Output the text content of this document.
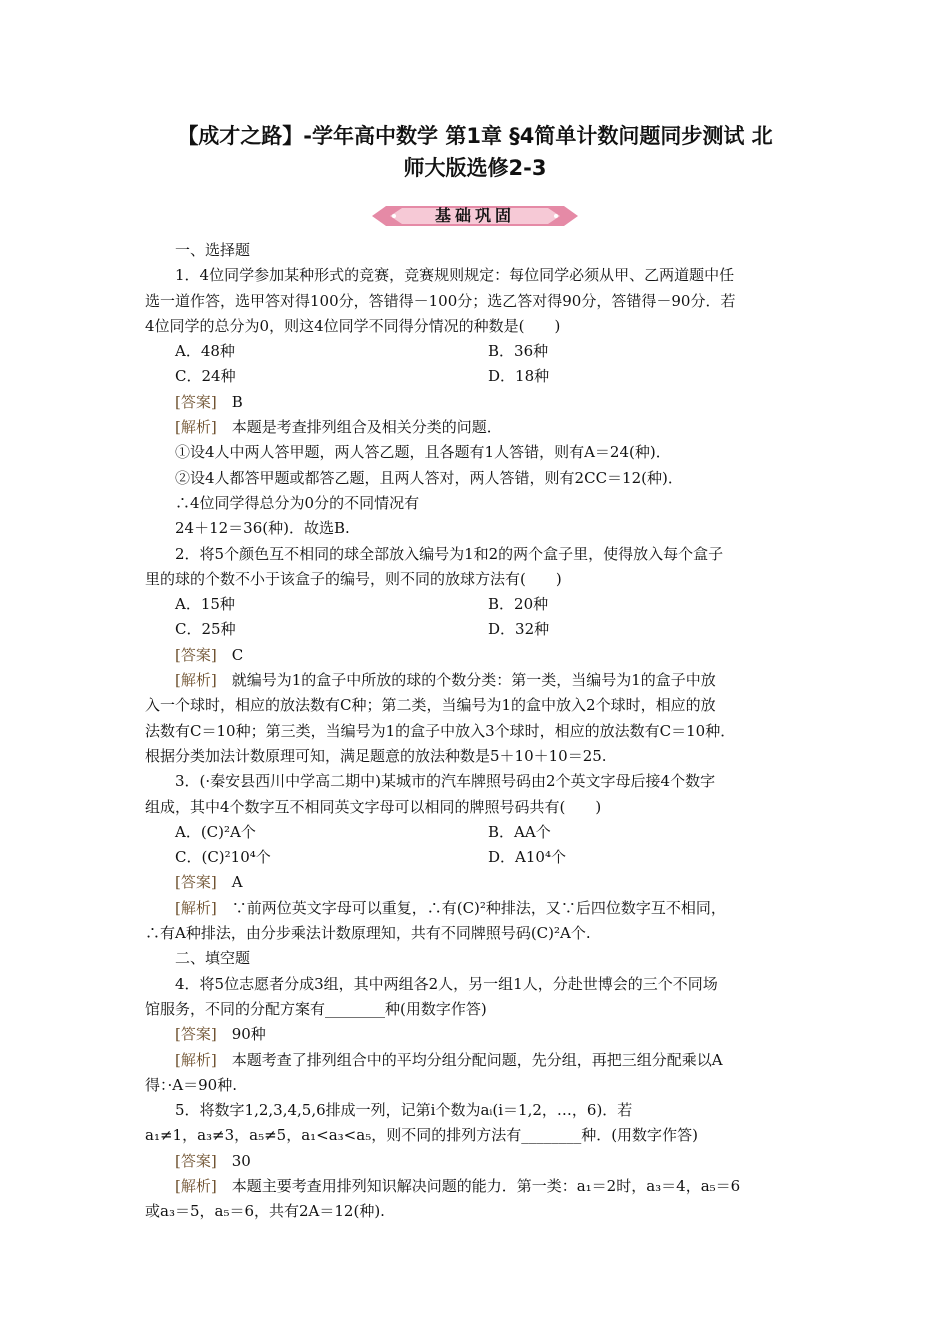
【成才之路】-学年高中数学 第1章 §4简单计数问题同步测试 北
师大版选修2-3
基础巩固
一、选择题
1．4位同学参加某种形式的竞赛，竞赛规则规定：每位同学必须从甲、乙两道题中任
选一道作答，选甲答对得100分，答错得－100分；选乙答对得90分，答错得－90分．若
4位同学的总分为0，则这4位同学不同得分情况的种数是(　　)
A．48种	B．36种
C．24种	D．18种
[答案]　B
[解析]　本题是考查排列组合及相关分类的问题．
①设4人中两人答甲题，两人答乙题，且各题有1人答错，则有A＝24(种)．
②设4人都答甲题或都答乙题，且两人答对，两人答错，则有2CC＝12(种)．
∴4位同学得总分为0分的不同情况有
24＋12＝36(种)．故选B.
2．将5个颜色互不相同的球全部放入编号为1和2的两个盒子里，使得放入每个盒子
里的球的个数不小于该盒子的编号，则不同的放球方法有(　　)
A．15种	B．20种
C．25种	D．32种
[答案]　C
[解析]　就编号为1的盒子中所放的球的个数分类：第一类，当编号为1的盒子中放
入一个球时，相应的放法数有C种；第二类，当编号为1的盒中放入2个球时，相应的放
法数有C＝10种；第三类，当编号为1的盒子中放入3个球时，相应的放法数有C＝10种．
根据分类加法计数原理可知，满足题意的放法种数是5＋10＋10＝25.
3．(·秦安县西川中学高二期中)某城市的汽车牌照号码由2个英文字母后接4个数字
组成，其中4个数字互不相同英文字母可以相同的牌照号码共有(　　)
A．(C)²A个	B．AA个
C．(C)²10⁴个	D．A10⁴个
[答案]　A
[解析]　∵前两位英文字母可以重复，∴有(C)²种排法，又∵后四位数字互不相同，
∴有A种排法，由分步乘法计数原理知，共有不同牌照号码(C)²A个.
二、填空题
4．将5位志愿者分成3组，其中两组各2人，另一组1人，分赴世博会的三个不同场
馆服务，不同的分配方案有________种(用数字作答)
[答案]　90种
[解析]　本题考查了排列组合中的平均分组分配问题，先分组，再把三组分配乘以A
得：·A＝90种.
5．将数字1,2,3,4,5,6排成一列，记第i个数为aᵢ(i＝1,2，…，6)．若
a₁≠1，a₃≠3，a₅≠5，a₁<a₃<a₅，则不同的排列方法有________种．(用数字作答)
[答案]　30
[解析]　本题主要考查用排列知识解决问题的能力．第一类：a₁＝2时，a₃＝4，a₅＝6
或a₃＝5，a₅＝6，共有2A＝12(种).
